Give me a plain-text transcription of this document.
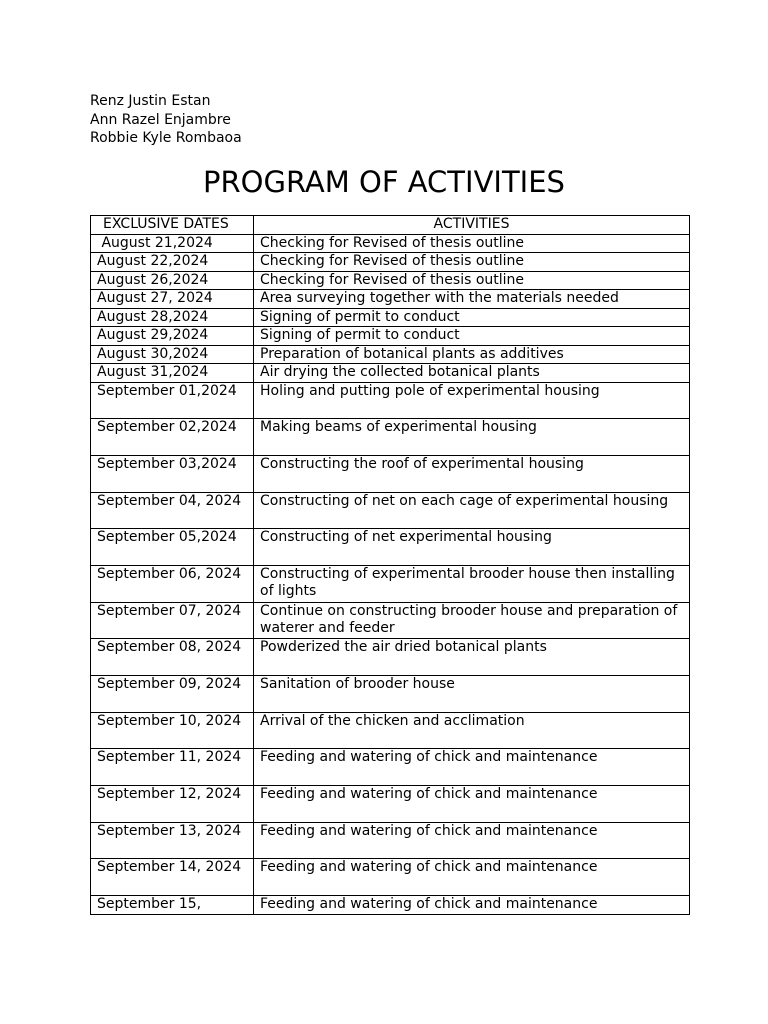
Renz Justin Estan
Ann Razel Enjambre
Robbie Kyle Rombaoa
PROGRAM OF ACTIVITIES
EXCLUSIVE DATES	ACTIVITIES
August 21,2024	Checking for Revised of thesis outline
August 22,2024	Checking for Revised of thesis outline
August 26,2024	Checking for Revised of thesis outline
August 27, 2024	Area surveying together with the materials needed
August 28,2024	Signing of permit to conduct
August 29,2024	Signing of permit to conduct
August 30,2024	Preparation of botanical plants as additives
August 31,2024	Air drying the collected botanical plants
September 01,2024	Holing and putting pole of experimental housing
September 02,2024	Making beams of experimental housing
September 03,2024	Constructing the roof of experimental housing
September 04, 2024	Constructing of net on each cage of experimental housing
September 05,2024	Constructing of net experimental housing
September 06, 2024	Constructing of experimental brooder house then installing of lights
September 07, 2024	Continue on constructing brooder house and preparation of waterer and feeder
September 08, 2024	Powderized the air dried botanical plants
September 09, 2024	Sanitation of brooder house
September 10, 2024	Arrival of the chicken and acclimation
September 11, 2024	Feeding and watering of chick and maintenance
September 12, 2024	Feeding and watering of chick and maintenance
September 13, 2024	Feeding and watering of chick and maintenance
September 14, 2024	Feeding and watering of chick and maintenance
September 15,	Feeding and watering of chick and maintenance
